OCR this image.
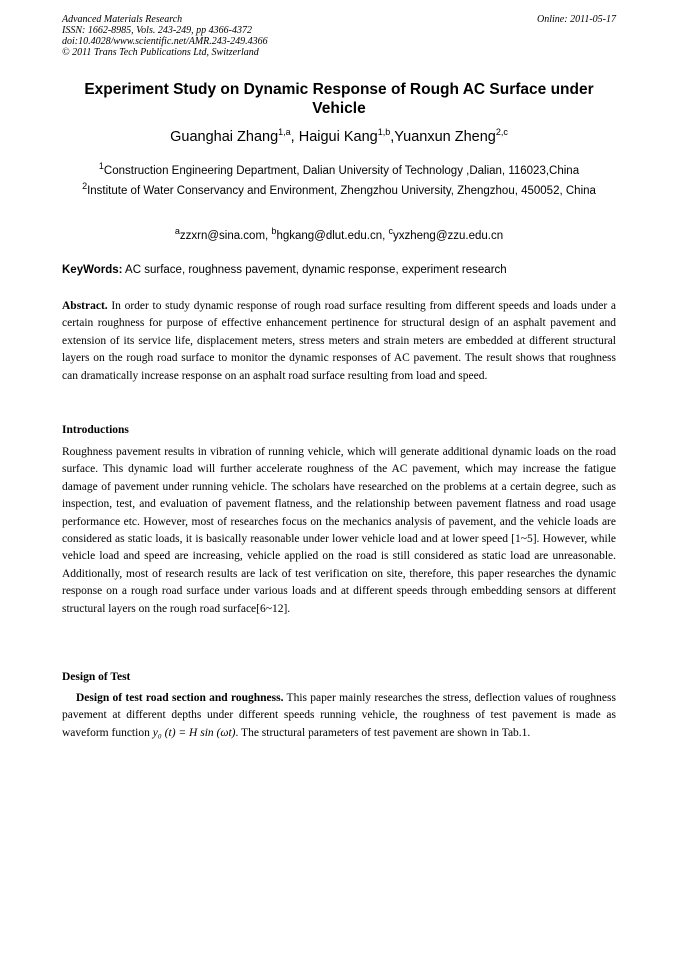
Advanced Materials Research
ISSN: 1662-8985, Vols. 243-249, pp 4366-4372
doi:10.4028/www.scientific.net/AMR.243-249.4366
© 2011 Trans Tech Publications Ltd, Switzerland
Online: 2011-05-17
Experiment Study on Dynamic Response of Rough AC Surface under Vehicle
Guanghai Zhang$^{1,a}$, Haigui Kang$^{1,b}$,Yuanxun Zheng$^{2,c}$
$^1$Construction Engineering Department, Dalian University of Technology ,Dalian, 116023,China
$^2$Institute of Water Conservancy and Environment, Zhengzhou University, Zhengzhou, 450052, China
$^a$zzxrn@sina.com, $^b$hgkang@dlut.edu.cn, $^c$yxzheng@zzu.edu.cn
KeyWords: AC surface, roughness pavement, dynamic response, experiment research
Abstract. In order to study dynamic response of rough road surface resulting from different speeds and loads under a certain roughness for purpose of effective enhancement pertinence for structural design of an asphalt pavement and extension of its service life, displacement meters, stress meters and strain meters are embedded at different structural layers on the rough road surface to monitor the dynamic responses of AC pavement. The result shows that roughness can dramatically increase response on an asphalt road surface resulting from load and speed.
Introductions
Roughness pavement results in vibration of running vehicle, which will generate additional dynamic loads on the road surface. This dynamic load will further accelerate roughness of the AC pavement, which may increase the fatigue damage of pavement under running vehicle. The scholars have researched on the problems at a certain degree, such as inspection, test, and evaluation of pavement flatness, and the relationship between pavement flatness and road usage performance etc. However, most of researches focus on the mechanics analysis of pavement, and the vehicle loads are considered as static loads, it is basically reasonable under lower vehicle load and at lower speed [1~5]. However, while vehicle load and speed are increasing, vehicle applied on the road is still considered as static load are unreasonable. Additionally, most of research results are lack of test verification on site, therefore, this paper researches the dynamic response on a rough road surface under various loads and at different speeds through embedding sensors at different structural layers on the rough road surface[6~12].
Design of Test
Design of test road section and roughness. This paper mainly researches the stress, deflection values of roughness pavement at different depths under different speeds running vehicle, the roughness of test pavement is made as waveform function y₀ (t) = H sin (ωt). The structural parameters of test pavement are shown in Tab.1.
